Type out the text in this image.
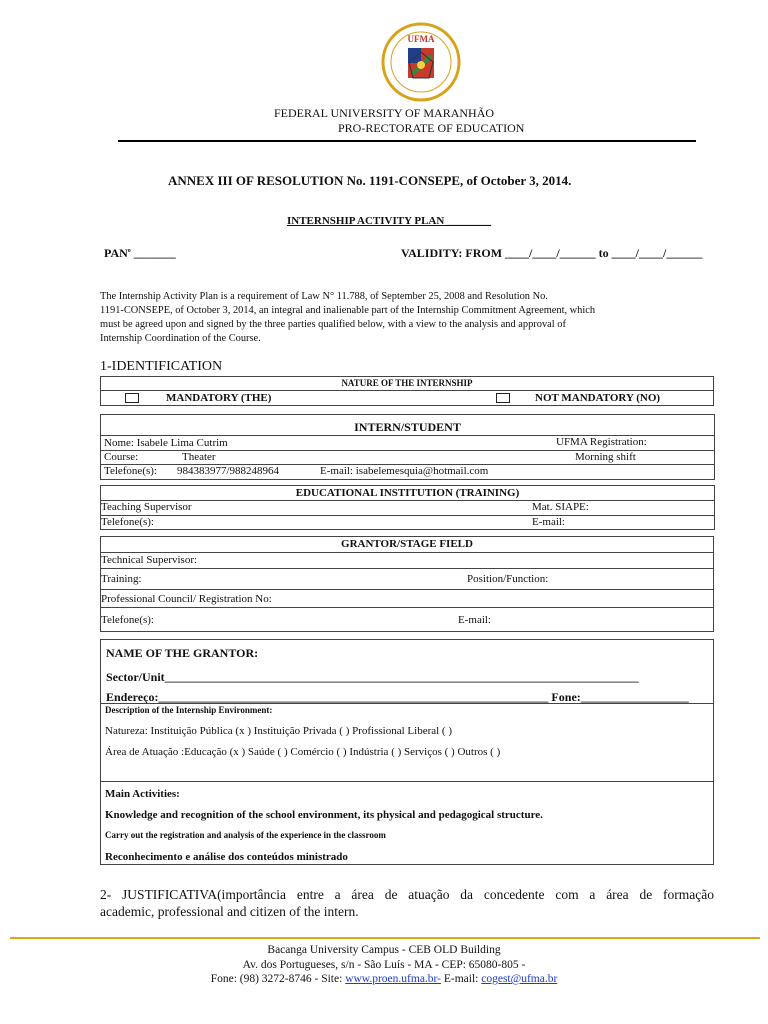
UFMA
FEDERAL UNIVERSITY OF MARANHÃO
PRO-RECTORATE OF EDUCATION
ANNEX III OF RESOLUTION No. 1191-CONSEPE, of October 3, 2014.
INTERNSHIP ACTIVITY PLAN ________
PAN$^o$ _______	VALIDITY: FROM ____/____/______ to ____/____/______
The Internship Activity Plan is a requirement of Law N° 11.788, of September 25, 2008 and Resolution No.
1191-CONSEPE, of October 3, 2014, an integral and inalienable part of the Internship Commitment Agreement, which
must be agreed upon and signed by the three parties qualified below, with a view to the analysis and approval of
Internship Coordination of the Course.
1-IDENTIFICATION
NATURE OF THE INTERNSHIP
MANDATORY (THE)	NOT MANDATORY (NO)
INTERN/STUDENT
Nome: Isabele Lima Cutrim	UFMA Registration:
Course:	Theater	Morning shift
Telefone(s): 984383977/988248964	E-mail: isabelemesquia@hotmail.com
EDUCATIONAL INSTITUTION (TRAINING)
Teaching Supervisor	Mat. SIAPE:
Telefone(s):	E-mail:
GRANTOR/STAGE FIELD
Technical Supervisor:
Training:	Position/Function:
Professional Council/ Registration No:
Telefone(s):	E-mail:
NAME OF THE GRANTOR:
Sector/Unit_______________________________________________________________________________
Endereço:_________________________________________________________________ Fone:__________________
Description of the Internship Environment:
Natureza: Instituição Pública (x ) Instituição Privada ( ) Profissional Liberal ( )
Área de Atuação :Educação (x ) Saúde ( ) Comércio ( ) Indústria ( ) Serviços ( ) Outros ( )
Main Activities:
Knowledge and recognition of the school environment, its physical and pedagogical structure.
Carry out the registration and analysis of the experience in the classroom
Reconhecimento e análise dos conteúdos ministrado
2- JUSTIFICATIVA(importância entre a área de atuação da concedente com a área de formação
academic, professional and citizen of the intern.
Bacanga University Campus - CEB OLD Building
Av. dos Portugueses, s/n - São Luís - MA - CEP: 65080-805 -
Fone: (98) 3272-8746 - Site: www.proen.ufma.br- E-mail: cogest@ufma.br
